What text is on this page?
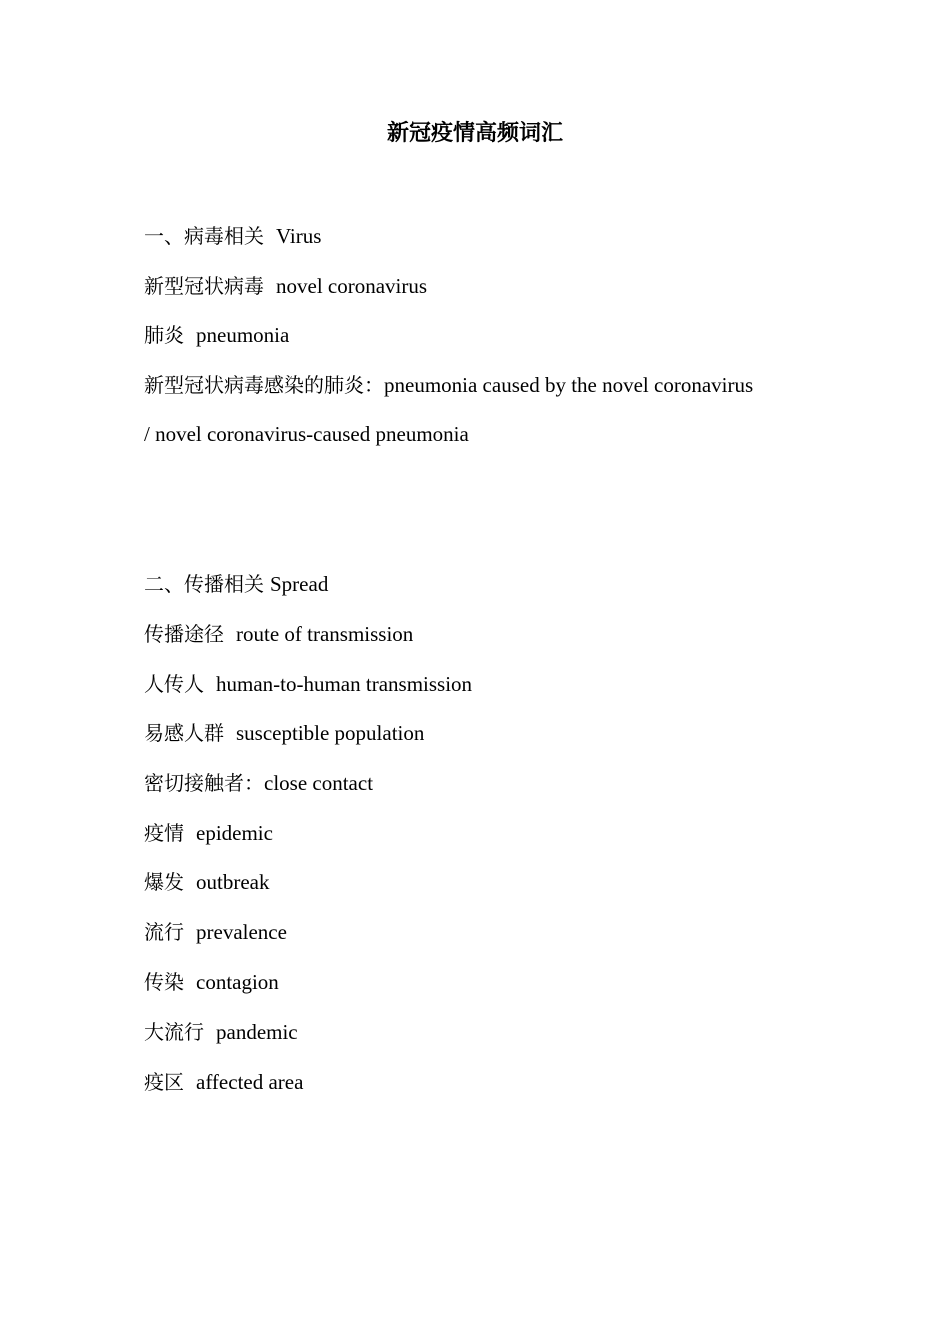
新冠疫情高频词汇
一、病毒相关 Virus
新型冠状病毒 novel coronavirus
肺炎 pneumonia
新型冠状病毒感染的肺炎：pneumonia caused by the novel coronavirus
/ novel coronavirus-caused pneumonia
二、传播相关 Spread
传播途径 route of transmission
人传人 human-to-human transmission
易感人群 susceptible population
密切接触者：close contact
疫情 epidemic
爆发 outbreak
流行 prevalence
传染 contagion
大流行 pandemic
疫区 affected area
